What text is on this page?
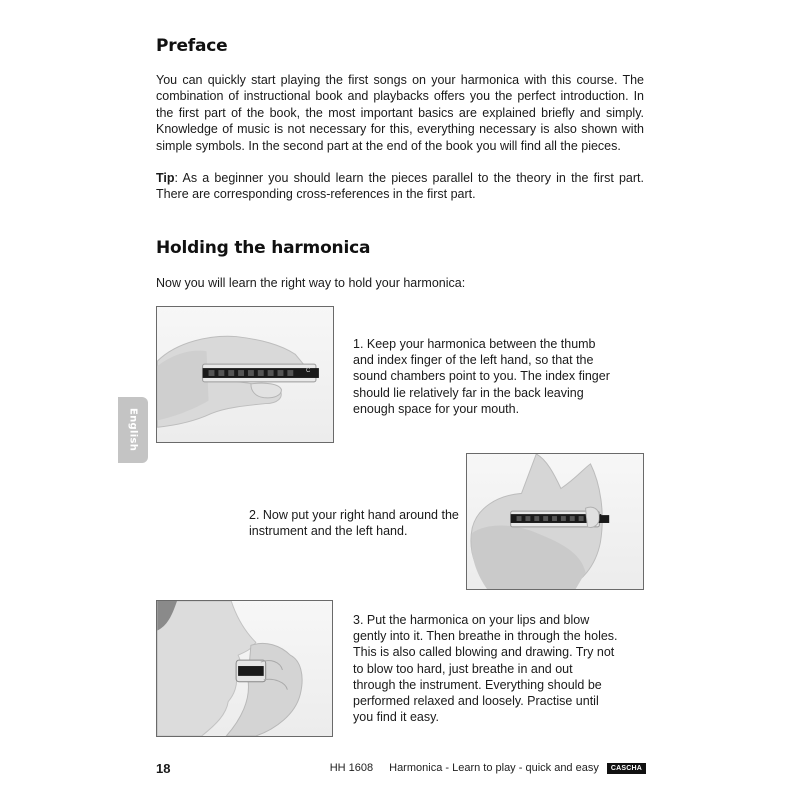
Preface

You can quickly start playing the first songs on your harmonica with this course. The combination of instructional book and playbacks offers you the perfect introduction. In the first part of the book, the most important basics are explained briefly and simply. Knowledge of music is not necessary for this, everything necessary is also shown with simple symbols. In the second part at the end of the book you will find all the pieces.

Tip: As a beginner you should learn the pieces parallel to the theory in the first part. There are corresponding cross-references in the first part.

Holding the harmonica

Now you will learn the right way to hold your harmonica:

English
C

1. Keep your harmonica between the thumb and index finger of the left hand, so that the sound chambers point to you. The index finger should lie relatively far in the back leaving enough space for your mouth.

2. Now put your right hand around the instrument and the left hand.

3. Put the harmonica on your lips and blow gently into it. Then breathe in through the holes. This is also called blowing and drawing. Try not to blow too hard, just breathe in and out through the instrument. Everything should be performed relaxed and loosely. Practise until you find it easy.

18	HH 1608 Harmonica - Learn to play - quick and easy	CASCHA
